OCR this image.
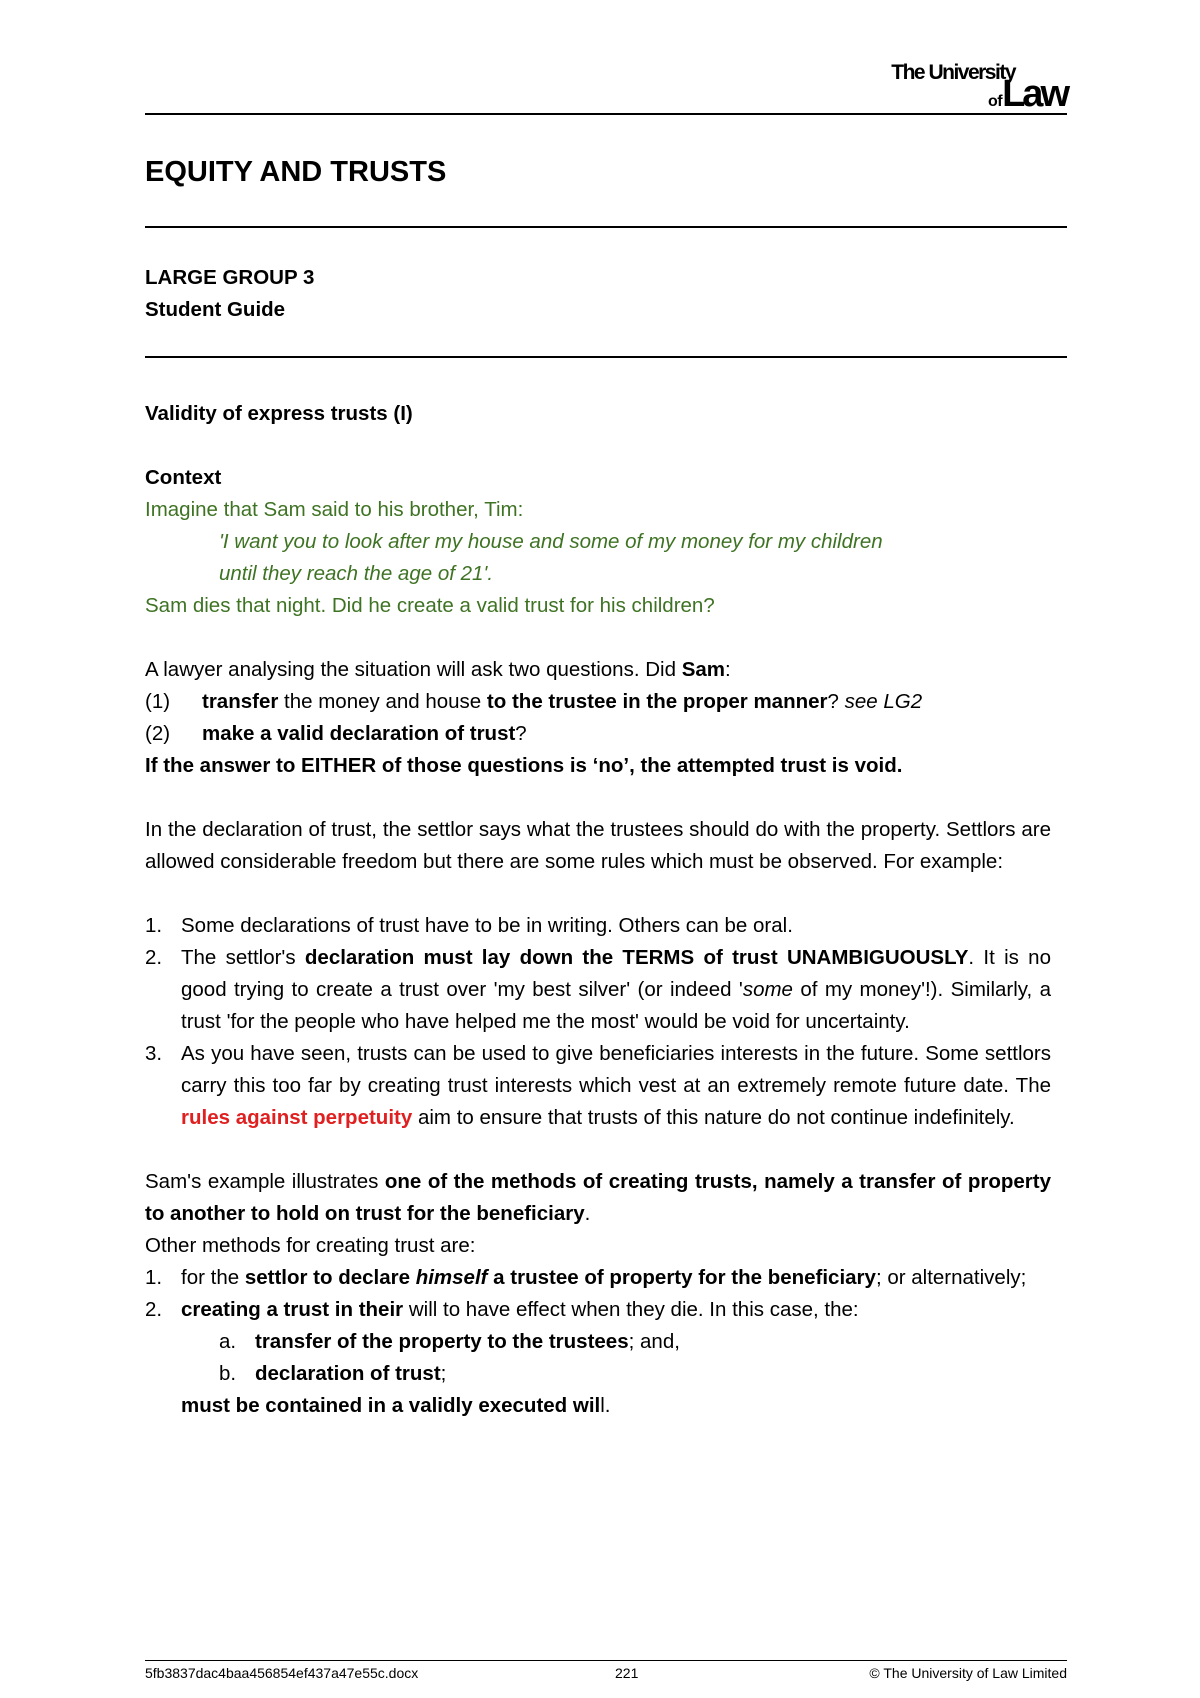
The University
ofLaw
EQUITY AND TRUSTS
LARGE GROUP 3
Student Guide

Validity of express trusts (I)

Context

Imagine that Sam said to his brother, Tim:

'I want you to look after my house and some of my money for my children

until they reach the age of 21'.

Sam dies that night. Did he create a valid trust for his children?

A lawyer analysing the situation will ask two questions. Did Sam:

(1)	transfer the money and house to the trustee in the proper manner? see LG2
(2)	make a valid declaration of trust?

If the answer to EITHER of those questions is ‘no’, the attempted trust is void.

In the declaration of trust, the settlor says what the trustees should do with the property. Settlors are allowed considerable freedom but there are some rules which must be observed. For example:

1. Some declarations of trust have to be in writing. Others can be oral.
2. The settlor's declaration must lay down the TERMS of trust UNAMBIGUOUSLY. It is no good trying to create a trust over 'my best silver' (or indeed 'some of my money'!). Similarly, a trust 'for the people who have helped me the most' would be void for uncertainty.
3. As you have seen, trusts can be used to give beneficiaries interests in the future. Some settlors carry this too far by creating trust interests which vest at an extremely remote future date. The rules against perpetuity aim to ensure that trusts of this nature do not continue indefinitely.

Sam's example illustrates one of the methods of creating trusts, namely a transfer of property to another to hold on trust for the beneficiary.

Other methods for creating trust are:

1. for the settlor to declare himself a trustee of property for the beneficiary; or alternatively;
2. creating a trust in their will to have effect when they die. In this case, the:
a. transfer of the property to the trustees; and,
b. declaration of trust;

must be contained in a validly executed will.

5fb3837dac4baa456854ef437a47e55c.docx	221	© The University of Law Limited
